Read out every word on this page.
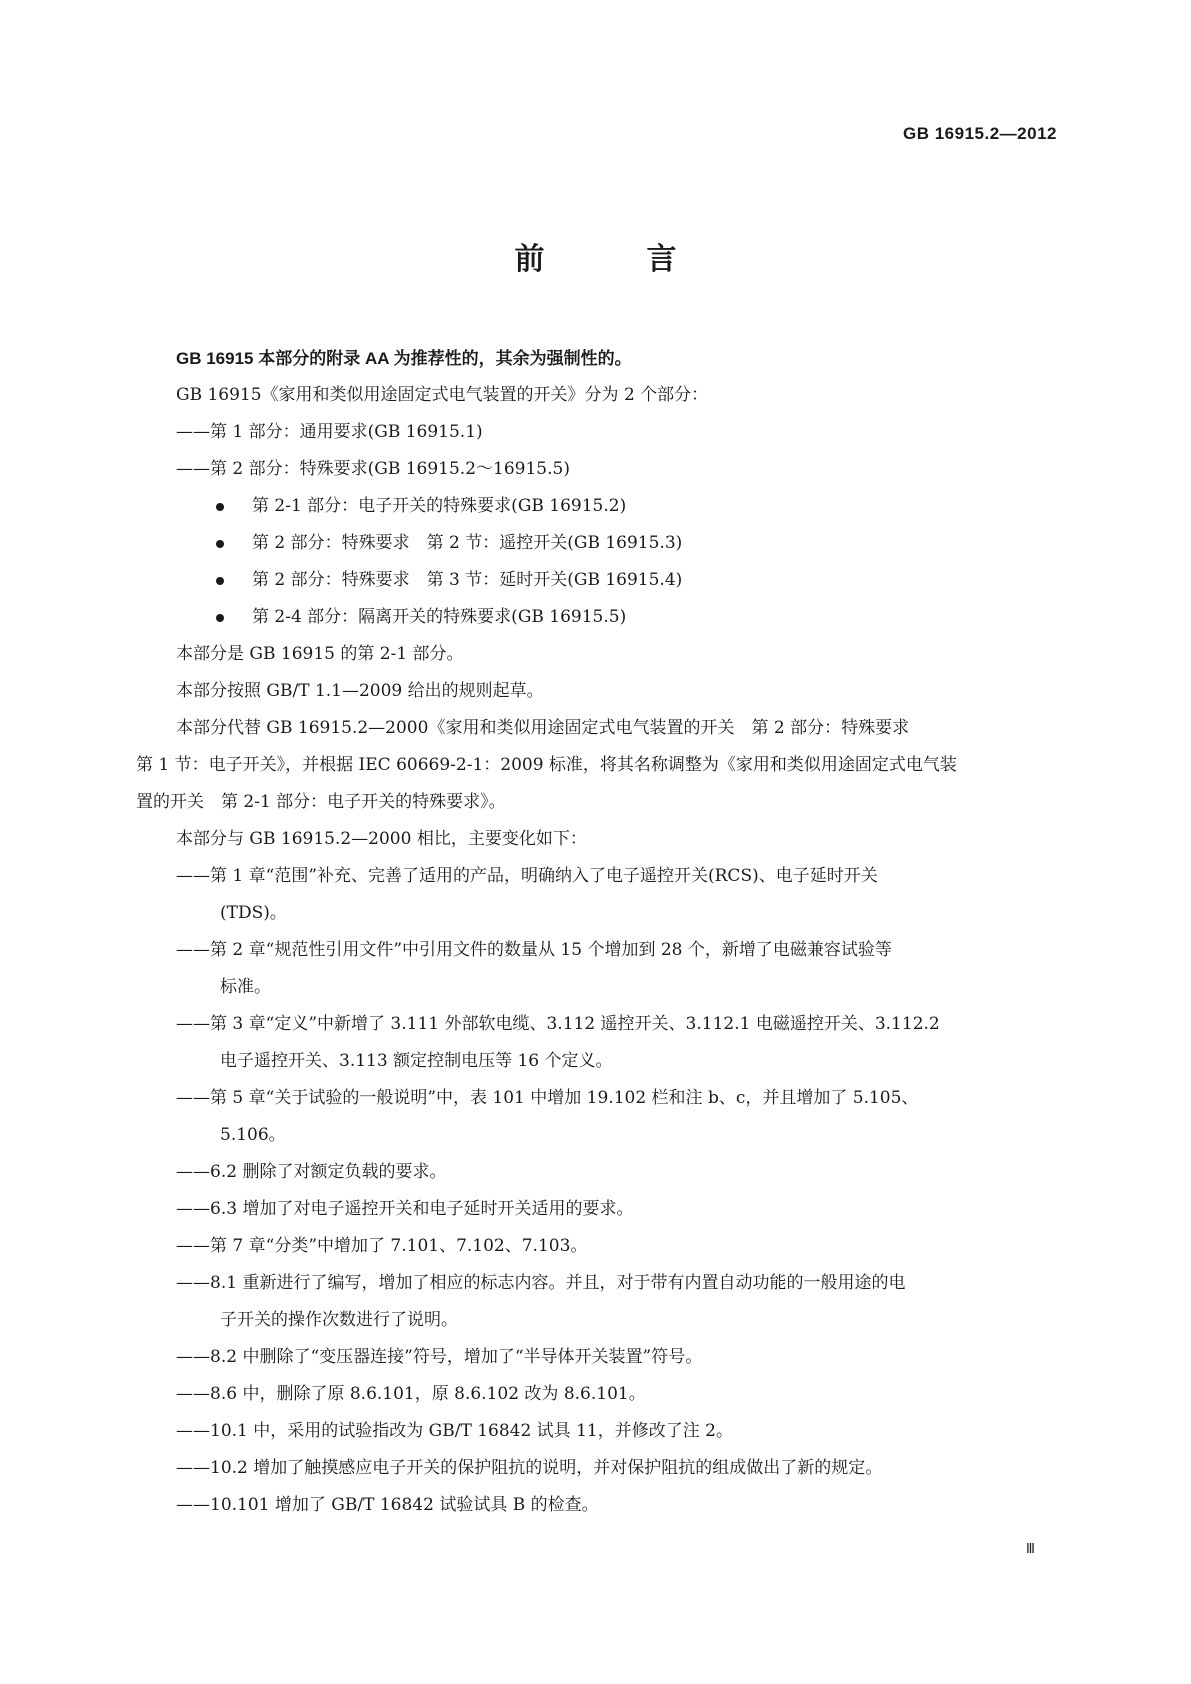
GB 16915.2—2012
前　言
GB 16915 本部分的附录 AA 为推荐性的，其余为强制性的。
GB 16915《家用和类似用途固定式电气装置的开关》分为 2 个部分：
——第 1 部分：通用要求(GB 16915.1)
——第 2 部分：特殊要求(GB 16915.2～16915.5)
第 2-1 部分：电子开关的特殊要求(GB 16915.2)
第 2 部分：特殊要求　第 2 节：遥控开关(GB 16915.3)
第 2 部分：特殊要求　第 3 节：延时开关(GB 16915.4)
第 2-4 部分：隔离开关的特殊要求(GB 16915.5)
本部分是 GB 16915 的第 2-1 部分。
本部分按照 GB/T 1.1—2009 给出的规则起草。
本部分代替 GB 16915.2—2000《家用和类似用途固定式电气装置的开关　第 2 部分：特殊要求
第 1 节：电子开关》，并根据 IEC 60669-2-1：2009 标准，将其名称调整为《家用和类似用途固定式电气装
置的开关　第 2-1 部分：电子开关的特殊要求》。
本部分与 GB 16915.2—2000 相比，主要变化如下：
——第 1 章“范围”补充、完善了适用的产品，明确纳入了电子遥控开关(RCS)、电子延时开关
(TDS)。
——第 2 章“规范性引用文件”中引用文件的数量从 15 个增加到 28 个，新增了电磁兼容试验等
标准。
——第 3 章“定义”中新增了 3.111 外部软电缆、3.112 遥控开关、3.112.1 电磁遥控开关、3.112.2
电子遥控开关、3.113 额定控制电压等 16 个定义。
——第 5 章“关于试验的一般说明”中，表 101 中增加 19.102 栏和注 b、c，并且增加了 5.105、
5.106。
——6.2 删除了对额定负载的要求。
——6.3 增加了对电子遥控开关和电子延时开关适用的要求。
——第 7 章“分类”中增加了 7.101、7.102、7.103。
——8.1 重新进行了编写，增加了相应的标志内容。并且，对于带有内置自动功能的一般用途的电
子开关的操作次数进行了说明。
——8.2 中删除了“变压器连接”符号，增加了“半导体开关装置”符号。
——8.6 中，删除了原 8.6.101，原 8.6.102 改为 8.6.101。
——10.1 中，采用的试验指改为 GB/T 16842 试具 11，并修改了注 2。
——10.2 增加了触摸感应电子开关的保护阻抗的说明，并对保护阻抗的组成做出了新的规定。
——10.101 增加了 GB/T 16842 试验试具 B 的检查。
Ⅲ
